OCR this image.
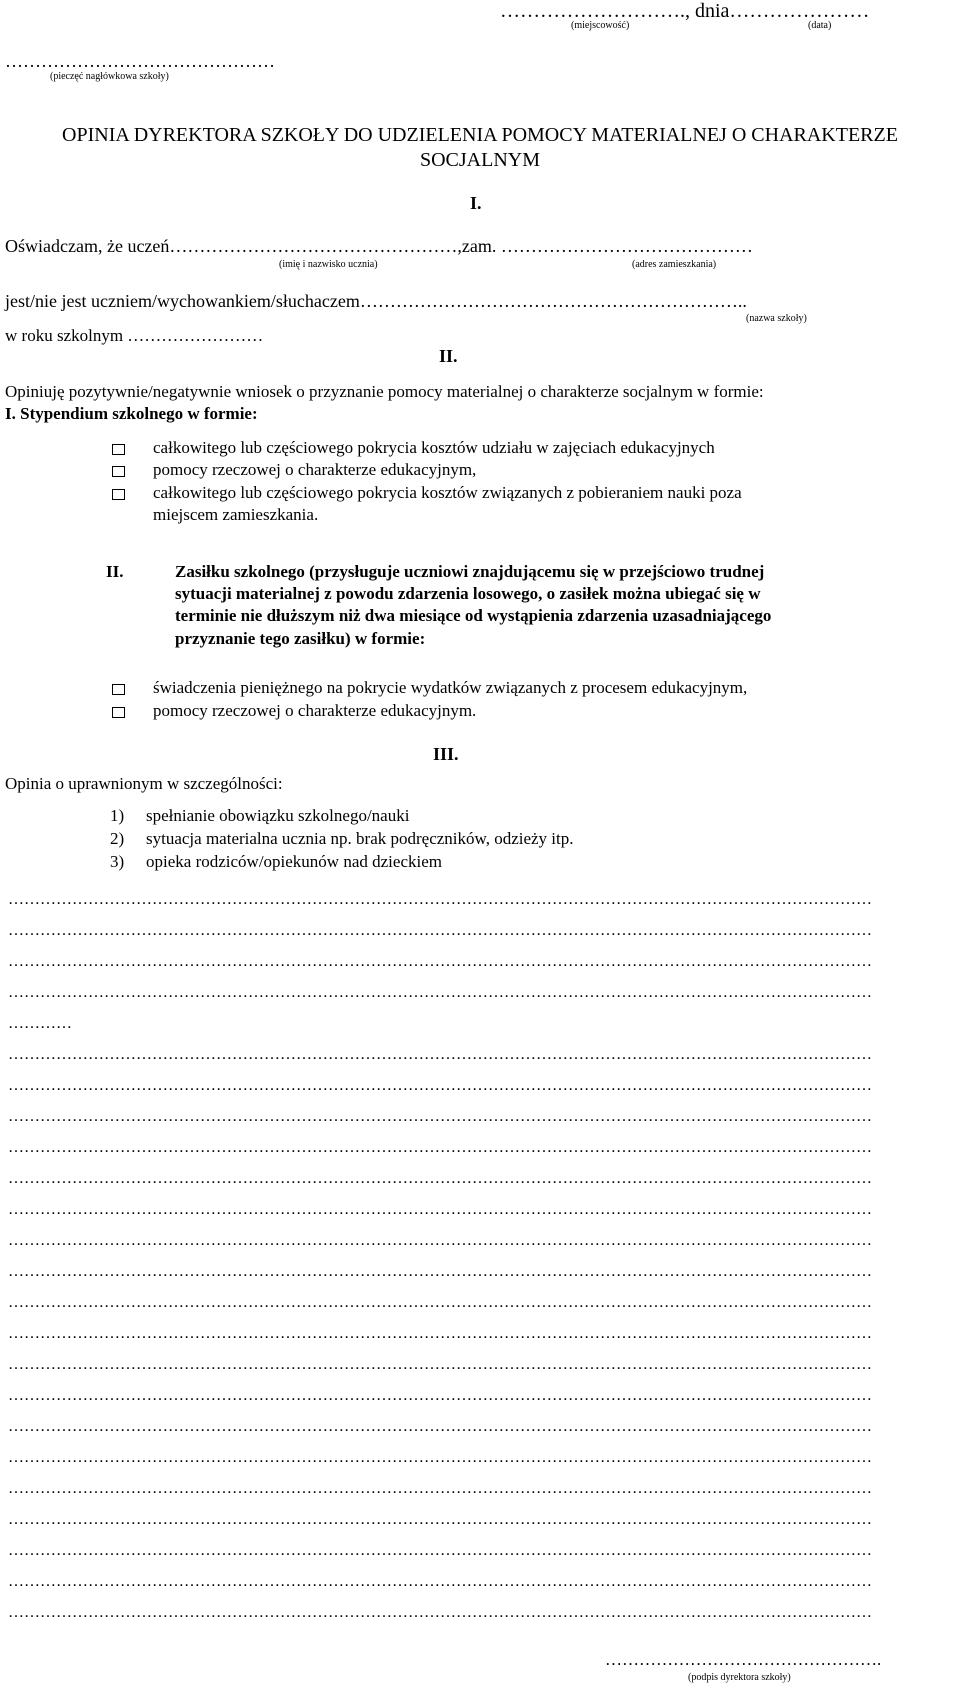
………………………., dnia…………………
(miejscowość)	(data)
………………………………………
(pieczęć nagłówkowa szkoły)
OPINIA DYREKTORA SZKOŁY DO UDZIELENIA POMOCY MATERIALNEJ O CHARAKTERZE
SOCJALNYM
I.
Oświadczam, że uczeń…………………………………………,zam. ……………………………………
(imię i nazwisko ucznia)	(adres zamieszkania)
jest/nie jest uczniem/wychowankiem/słuchaczem………………………………………………………..
(nazwa szkoły)
w roku szkolnym ……………………
II.
Opiniuję pozytywnie/negatywnie wniosek o przyznanie pomocy materialnej o charakterze socjalnym w formie:
I. Stypendium szkolnego w formie:
całkowitego lub częściowego pokrycia kosztów udziału w zajęciach edukacyjnych
pomocy rzeczowej o charakterze edukacyjnym,
całkowitego lub częściowego pokrycia kosztów związanych z pobieraniem nauki poza
miejscem zamieszkania.
II.	Zasiłku szkolnego (przysługuje uczniowi znajdującemu się w przejściowo trudnej
sytuacji materialnej z powodu zdarzenia losowego, o zasiłek można ubiegać się w
terminie nie dłuższym niż dwa miesiące od wystąpienia zdarzenia uzasadniającego
przyznanie tego zasiłku) w formie:
świadczenia pieniężnego na pokrycie wydatków związanych z procesem edukacyjnym,
pomocy rzeczowej o charakterze edukacyjnym.
III.
Opinia o uprawnionym w szczególności:
1) spełnianie obowiązku szkolnego/nauki
2) sytuacja materialna ucznia np. brak podręczników, odzieży itp.
3) opieka rodziców/opiekunów nad dzieckiem
………………………………………………………………………………………………………………………………………………
………………………………………………………………………………………………………………………………………………
………………………………………………………………………………………………………………………………………………
………………………………………………………………………………………………………………………………………………
…………
………………………………………………………………………………………………………………………………………………
………………………………………………………………………………………………………………………………………………
………………………………………………………………………………………………………………………………………………
………………………………………………………………………………………………………………………………………………
………………………………………………………………………………………………………………………………………………
………………………………………………………………………………………………………………………………………………
………………………………………………………………………………………………………………………………………………
………………………………………………………………………………………………………………………………………………
………………………………………………………………………………………………………………………………………………
………………………………………………………………………………………………………………………………………………
………………………………………………………………………………………………………………………………………………
………………………………………………………………………………………………………………………………………………
………………………………………………………………………………………………………………………………………………
………………………………………………………………………………………………………………………………………………
………………………………………………………………………………………………………………………………………………
………………………………………………………………………………………………………………………………………………
………………………………………………………………………………………………………………………………………………
………………………………………………………………………………………………………………………………………………
………………………………………………………………………………………………………………………………………………
………………………………………….
(podpis dyrektora szkoły)
